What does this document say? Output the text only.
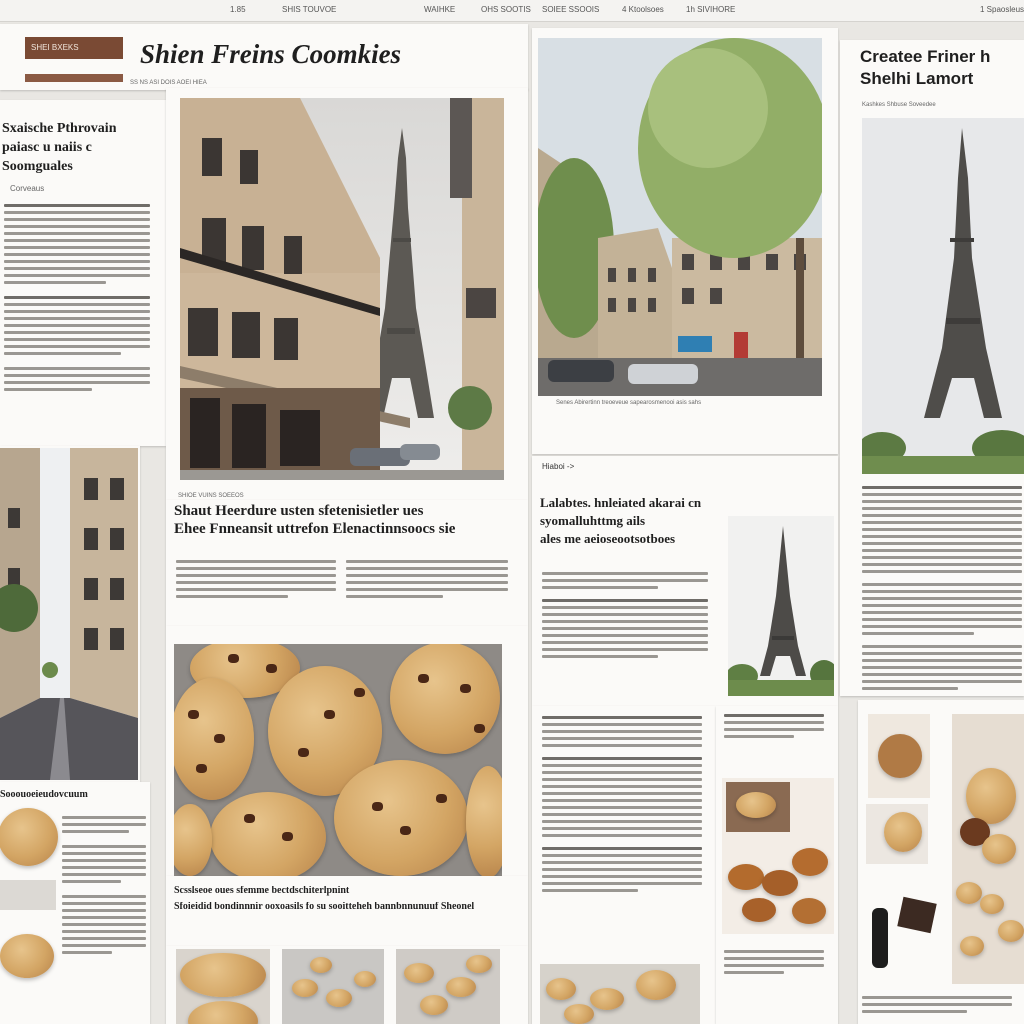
1.85	SHIS TOUVOE	WAIHKE	OHS SOOTIS SOIEE SSOOIS	4 Ktoolsoes	1h SIVIHORE	1 Spaosleus
SHEI BXEKS	Shien Freins Coomkies
SS NS ASI DOIS AOEI HIEA
Sxaische Pthrovain
paiasc u naiis c
Soomguales
Corveaus
SHIOE VUINS SOEEOS
Shaut Heerdure usten sfetenisietler ues
Ehee Fnneansit uttrefon Elenactinnsoocs sie
Scsslseoe oues sfemme bectdschiterlpnint
Sfoieidid bondinnnir ooxoasils fo su sooitteheh bannbnnunuuf Sheonel
Sooouoeieudovcuum
Senes Abirertinn treoeveue sapearosmenooi asis sahs
Hiaboi ->
Lalabtes. hnleiated akarai cn
syomalluhttmg ails
ales me aeioseootsotboes
Createe Friner h
Shelhi Lamort
Kashkes Shbuse Soveedee
